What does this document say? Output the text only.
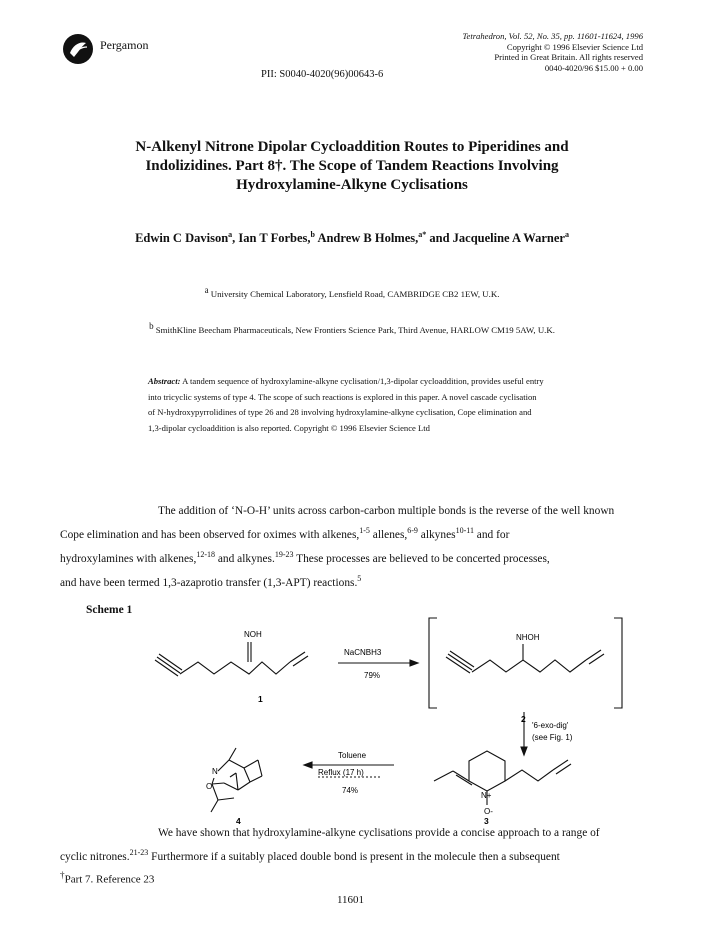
Pergamon
Tetrahedron, Vol. 52, No. 35, pp. 11601-11624, 1996
Copyright © 1996 Elsevier Science Ltd
Printed in Great Britain. All rights reserved
0040-4020/96 $15.00 + 0.00
PII: S0040-4020(96)00643-6
N-Alkenyl Nitrone Dipolar Cycloaddition Routes to Piperidines and
Indolizidines. Part 8†. The Scope of Tandem Reactions Involving
Hydroxylamine-Alkyne Cyclisations
Edwin C Davison$^a$, Ian T Forbes,$^b$ Andrew B Holmes,$^{a*}$ and Jacqueline A Warner$^a$
$^a$ University Chemical Laboratory, Lensfield Road, CAMBRIDGE CB2 1EW, U.K.
$^b$ SmithKline Beecham Pharmaceuticals, New Frontiers Science Park, Third Avenue, HARLOW CM19 5AW, U.K.
Abstract: A tandem sequence of hydroxylamine-alkyne cyclisation/1,3-dipolar cycloaddition, provides useful entry
into tricyclic systems of type 4. The scope of such reactions is explored in this paper. A novel cascade cyclisation
of N-hydroxypyrrolidines of type 26 and 28 involving hydroxylamine-alkyne cyclisation, Cope elimination and
1,3-dipolar cycloaddition is also reported. Copyright © 1996 Elsevier Science Ltd
The addition of ‘N-O-H’ units across carbon-carbon multiple bonds is the reverse of the well known
Cope elimination and has been observed for oximes with alkenes,$^{1-5}$ allenes,$^{6-9}$ alkynes$^{10-11}$ and for
hydroxylamines with alkenes,$^{12-18}$ and alkynes.$^{19-23}$ These processes are believed to be concerted processes,
and have been termed 1,3-azaprotio transfer (1,3-APT) reactions.$^5$
Scheme 1
NOH	NHOH
NaCNBH3
79%
1
2
'6-exo-dig'
(see Fig. 1)
Toluene
Reflux (17 h)
74%
N+
O-
N
O
4	3
We have shown that hydroxylamine-alkyne cyclisations provide a concise approach to a range of
cyclic nitrones.$^{21-23}$ Furthermore if a suitably placed double bond is present in the molecule then a subsequent
†Part 7. Reference 23
11601
